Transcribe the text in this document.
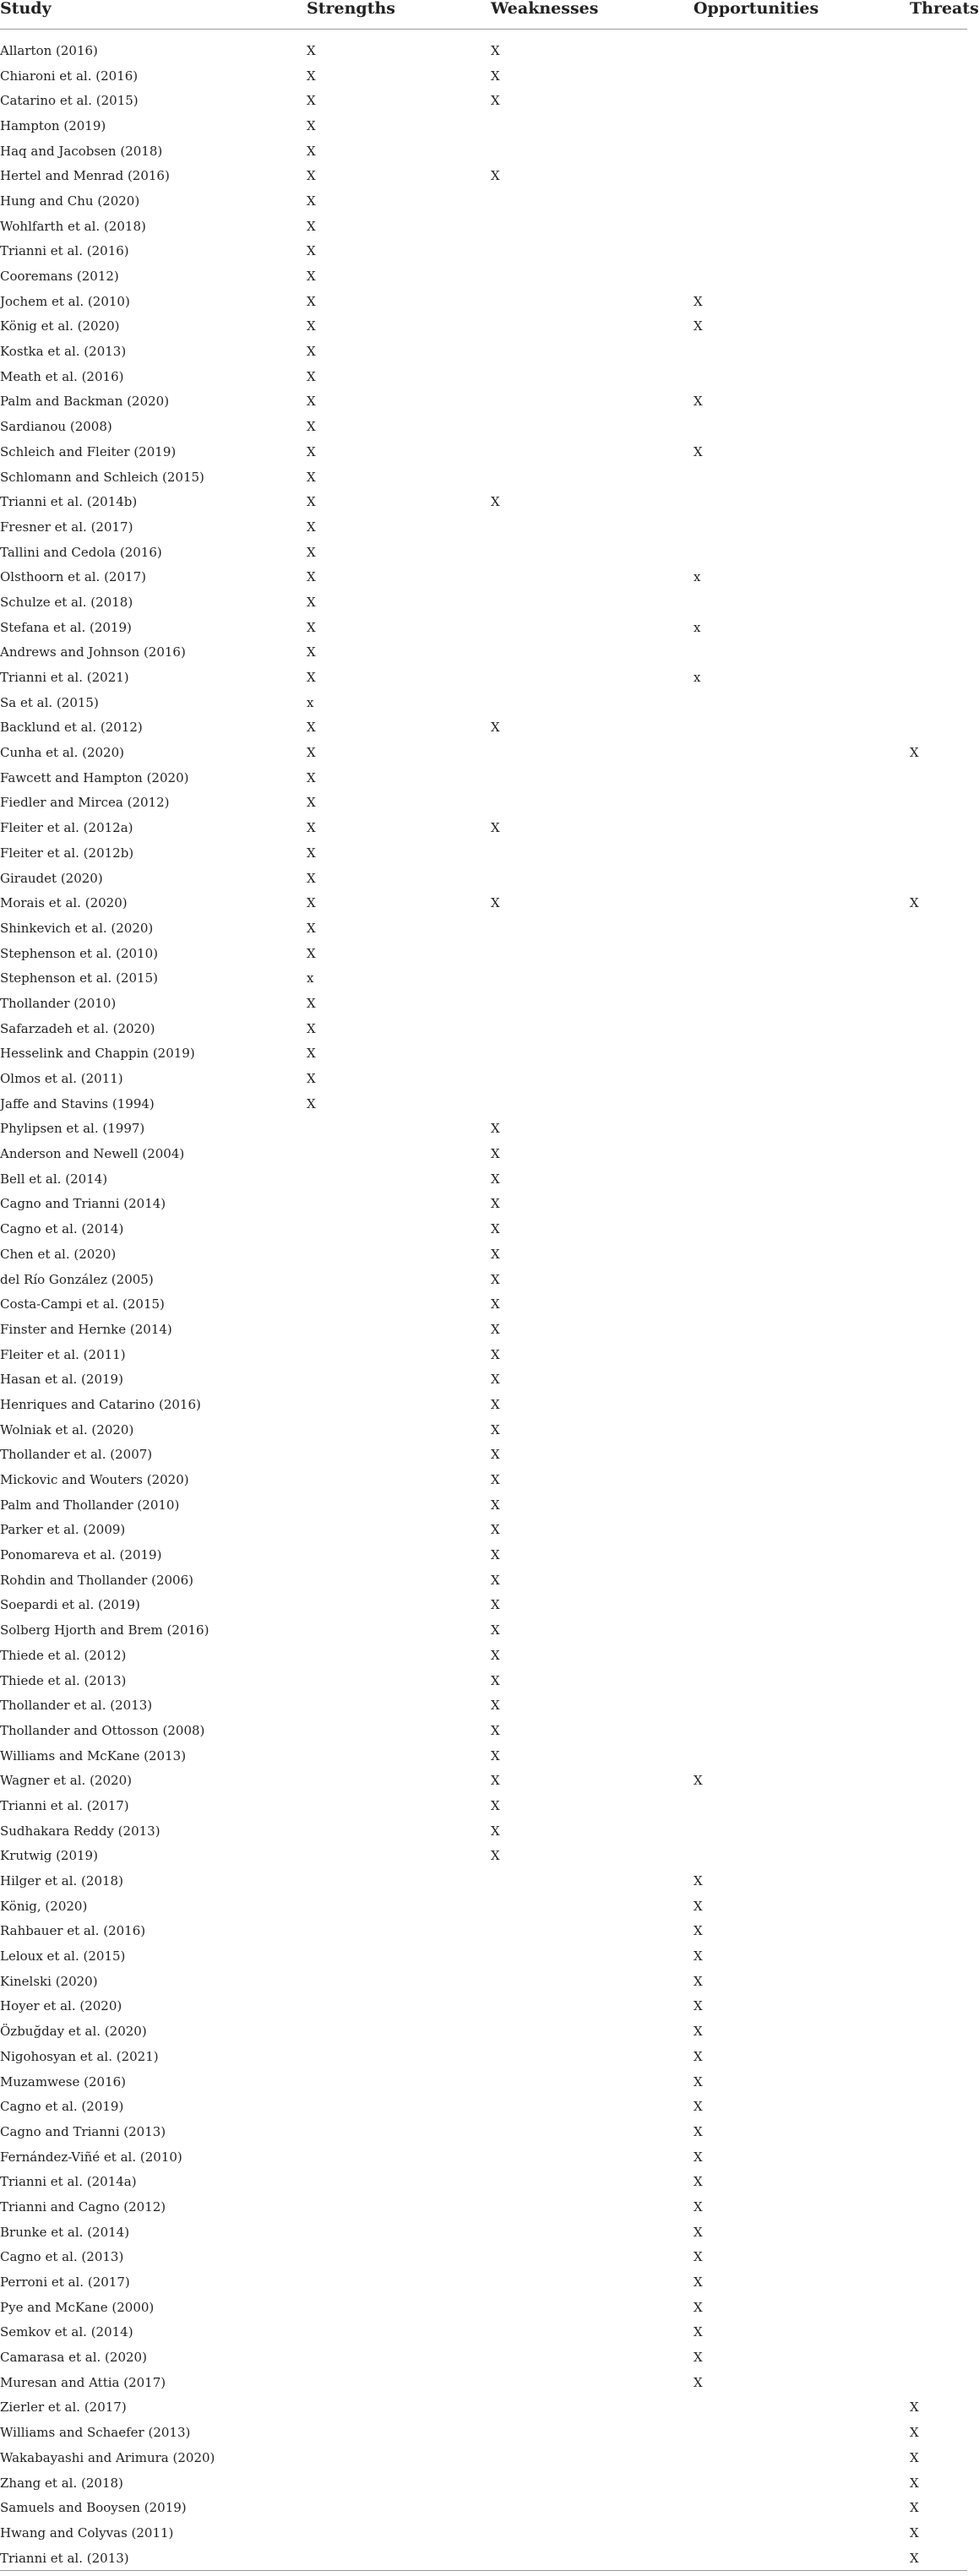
Study	Strengths	Weaknesses	Opportunities	Threats
Allarton (2016)	X	X		
Chiaroni et al. (2016)	X	X		
Catarino et al. (2015)	X	X		
Hampton (2019)	X			
Haq and Jacobsen (2018)	X			
Hertel and Menrad (2016)	X	X		
Hung and Chu (2020)	X			
Wohlfarth et al. (2018)	X			
Trianni et al. (2016)	X			
Cooremans (2012)	X			
Jochem et al. (2010)	X		X	
König et al. (2020)	X		X	
Kostka et al. (2013)	X			
Meath et al. (2016)	X			
Palm and Backman (2020)	X		X	
Sardianou (2008)	X			
Schleich and Fleiter (2019)	X		X	
Schlomann and Schleich (2015)	X			
Trianni et al. (2014b)	X	X		
Fresner et al. (2017)	X			
Tallini and Cedola (2016)	X			
Olsthoorn et al. (2017)	X		x	
Schulze et al. (2018)	X			
Stefana et al. (2019)	X		x	
Andrews and Johnson (2016)	X			
Trianni et al. (2021)	X		x	
Sa et al. (2015)	x			
Backlund et al. (2012)	X	X		
Cunha et al. (2020)	X			X
Fawcett and Hampton (2020)	X			
Fiedler and Mircea (2012)	X			
Fleiter et al. (2012a)	X	X		
Fleiter et al. (2012b)	X			
Giraudet (2020)	X			
Morais et al. (2020)	X	X		X
Shinkevich et al. (2020)	X			
Stephenson et al. (2010)	X			
Stephenson et al. (2015)	x			
Thollander (2010)	X			
Safarzadeh et al. (2020)	X			
Hesselink and Chappin (2019)	X			
Olmos et al. (2011)	X			
Jaffe and Stavins (1994)	X			
Phylipsen et al. (1997)		X		
Anderson and Newell (2004)		X		
Bell et al. (2014)		X		
Cagno and Trianni (2014)		X		
Cagno et al. (2014)		X		
Chen et al. (2020)		X		
del Río González (2005)		X		
Costa-Campi et al. (2015)		X		
Finster and Hernke (2014)		X		
Fleiter et al. (2011)		X		
Hasan et al. (2019)		X		
Henriques and Catarino (2016)		X		
Wolniak et al. (2020)		X		
Thollander et al. (2007)		X		
Mickovic and Wouters (2020)		X		
Palm and Thollander (2010)		X		
Parker et al. (2009)		X		
Ponomareva et al. (2019)		X		
Rohdin and Thollander (2006)		X		
Soepardi et al. (2019)		X		
Solberg Hjorth and Brem (2016)		X		
Thiede et al. (2012)		X		
Thiede et al. (2013)		X		
Thollander et al. (2013)		X		
Thollander and Ottosson (2008)		X		
Williams and McKane (2013)		X		
Wagner et al. (2020)		X	X	
Trianni et al. (2017)		X		
Sudhakara Reddy (2013)		X		
Krutwig (2019)		X		
Hilger et al. (2018)			X	
König, (2020)			X	
Rahbauer et al. (2016)			X	
Leloux et al. (2015)			X	
Kinelski (2020)			X	
Hoyer et al. (2020)			X	
Özbuğday et al. (2020)			X	
Nigohosyan et al. (2021)			X	
Muzamwese (2016)			X	
Cagno et al. (2019)			X	
Cagno and Trianni (2013)			X	
Fernández-Viñé et al. (2010)			X	
Trianni et al. (2014a)			X	
Trianni and Cagno (2012)			X	
Brunke et al. (2014)			X	
Cagno et al. (2013)			X	
Perroni et al. (2017)			X	
Pye and McKane (2000)			X	
Semkov et al. (2014)			X	
Camarasa et al. (2020)			X	
Muresan and Attia (2017)			X	
Zierler et al. (2017)				X
Williams and Schaefer (2013)				X
Wakabayashi and Arimura (2020)				X
Zhang et al. (2018)				X
Samuels and Booysen (2019)				X
Hwang and Colyvas (2011)				X
Trianni et al. (2013)				X
